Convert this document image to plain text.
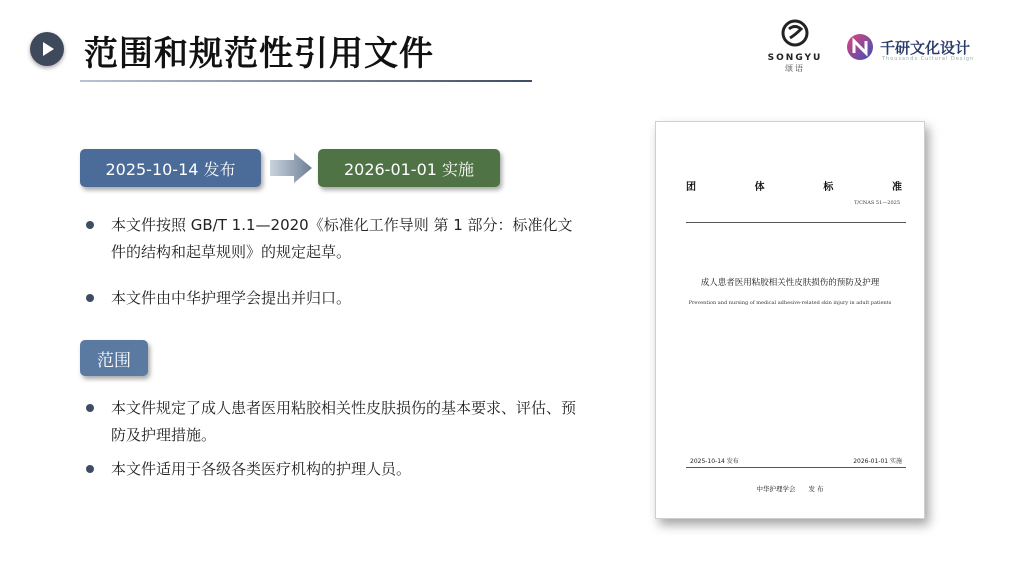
范围和规范性引用文件	SONGYU
颂语
千研文化设计
Thousands Cultural Design
2025-10-14 发布	2026-01-01 实施
本文件按照 GB/T 1.1—2020《标准化工作导则 第 1 部分：标准化文件的结构和起草规则》的规定起草。
本文件由中华护理学会提出并归口。
范围
本文件规定了成人患者医用粘胶相关性皮肤损伤的基本要求、评估、预防及护理措施。
本文件适用于各级各类医疗机构的护理人员。
团	体	标	准
T/CNAS 51—2025
成人患者医用粘胶相关性皮肤损伤的预防及护理
Prevention and nursing of medical adhesive-related skin injury in adult patients
2025-10-14 发布	2026-01-01 实施
中华护理学会　　发 布
